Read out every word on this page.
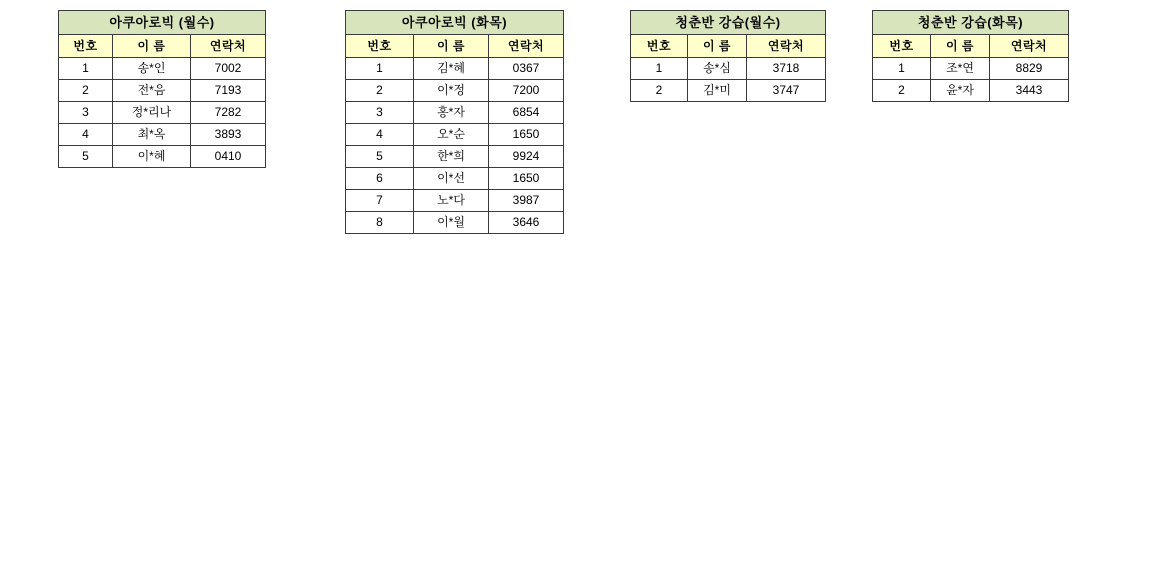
아쿠아로빅 (월수)		
번호	이 름	연락처
1	송*인	7002
2	전*음	7193
3	정*리나	7282
4	최*옥	3893
5	이*혜	0410
아쿠아로빅 (화목)		
번호	이 름	연락처
1	김*혜	0367
2	이*정	7200
3	홍*자	6854
4	오*순	1650
5	한*희	9924
6	이*선	1650
7	노*다	3987
8	이*월	3646
청춘반 강습(월수)		
번호	이 름	연락처
1	송*심	3718
2	김*미	3747
청춘반 강습(화목)		
번호	이 름	연락처
1	조*연	8829
2	윤*자	3443
